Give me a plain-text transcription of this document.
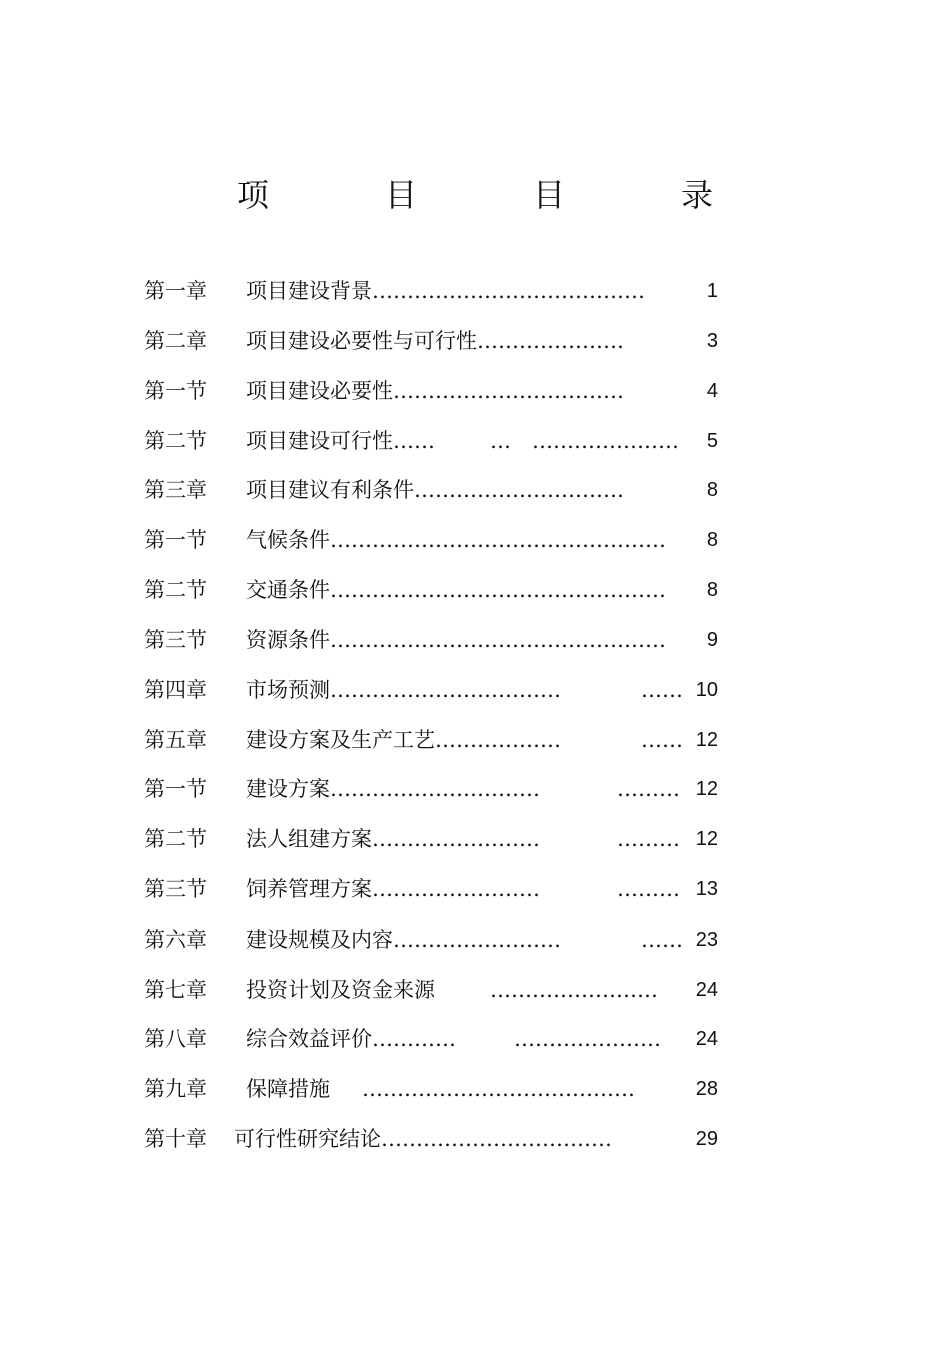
项　目　目　录
第一章 项目建设背景…………………………………	1
第二章 项目建设必要性与可行性…………………	3
第一节 项目建设必要性……………………………	4
第二节 项目建设可行性……	…　………………… 5
第三章 项目建议有利条件…………………………	8
第一节 气候条件………………………………………… 8
第二节 交通条件………………………………………… 8
第三节 资源条件………………………………………… 9
第四章 市场预测……………………………	…… 10
第五章 建设方案及生产工艺………………	…… 12
第一节 建设方案…………………………	……… 12
第二节 法人组建方案……………………	……… 12
第三节 饲养管理方案……………………	……… 13
第六章 建设规模及内容……………………	…… 23
第七章 投资计划及资金来源	…………………… 24
第八章 综合效益评价…………	………………… 24
第九章 保障措施 …………………………………	28
第十章 可行性研究结论……………………………	29
